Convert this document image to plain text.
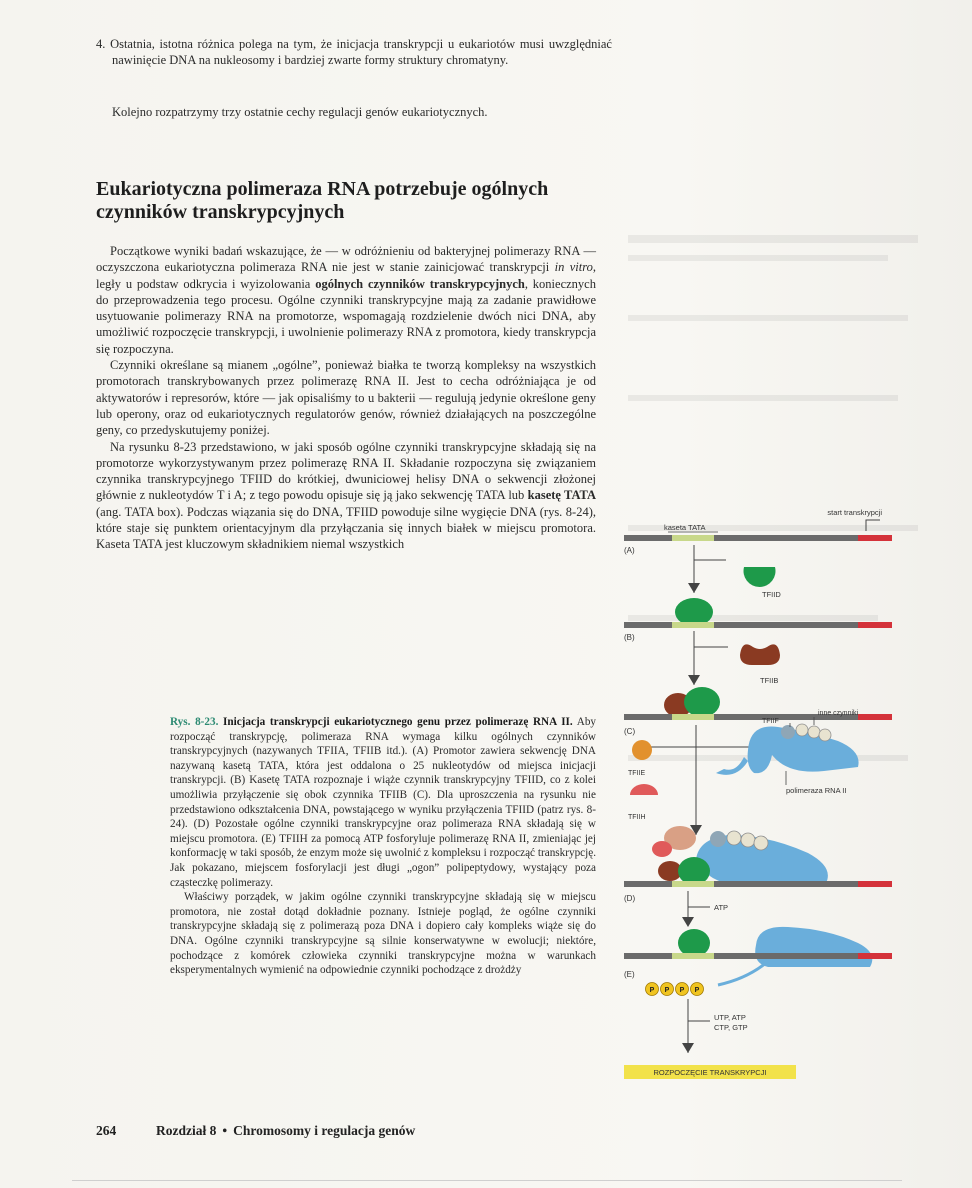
4. Ostatnia, istotna różnica polega na tym, że inicjacja transkrypcji u eukariotów musi uwzględniać nawinięcie DNA na nukleosomy i bardziej zwarte formy struktury chromatyny.
Kolejno rozpatrzymy trzy ostatnie cechy regulacji genów eukariotycznych.
Eukariotyczna polimeraza RNA potrzebuje ogólnych czynników transkrypcyjnych

Początkowe wyniki badań wskazujące, że — w odróżnieniu od bakteryjnej polimerazy RNA — oczyszczona eukariotyczna polimeraza RNA nie jest w stanie zainicjować transkrypcji in vitro, legły u podstaw odkrycia i wyizolowania ogólnych czynników transkrypcyjnych, koniecznych do przeprowadzenia tego procesu. Ogólne czynniki transkrypcyjne mają za zadanie prawidłowe usytuowanie polimerazy RNA na promotorze, wspomagają rozdzielenie dwóch nici DNA, aby umożliwić rozpoczęcie transkrypcji, i uwolnienie polimerazy RNA z promotora, kiedy transkrypcja się rozpoczyna.

Czynniki określane są mianem „ogólne”, ponieważ białka te tworzą kompleksy na wszystkich promotorach transkrybowanych przez polimerazę RNA II. Jest to cecha odróżniająca je od aktywatorów i represorów, które — jak opisaliśmy to u bakterii — regulują jedynie określone geny lub operony, oraz od eukariotycznych regulatorów genów, również działających na poszczególne geny, co przedyskutujemy poniżej.

Na rysunku 8-23 przedstawiono, w jaki sposób ogólne czynniki transkrypcyjne składają się na promotorze wykorzystywanym przez polimerazę RNA II. Składanie rozpoczyna się związaniem czynnika transkrypcyjnego TFIID do krótkiej, dwuniciowej helisy DNA o sekwencji złożonej głównie z nukleotydów T i A; z tego powodu opisuje się ją jako sekwencję TATA lub kasetę TATA (ang. TATA box). Podczas wiązania się do DNA, TFIID powoduje silne wygięcie DNA (rys. 8-24), które staje się punktem orientacyjnym dla przyłączania się innych białek w miejscu promotora. Kaseta TATA jest kluczowym składnikiem niemal wszystkich

Rys. 8-23. Inicjacja transkrypcji eukariotycznego genu przez polimerazę RNA II. Aby rozpocząć transkrypcję, polimeraza RNA wymaga kilku ogólnych czynników transkrypcyjnych (nazywanych TFIIA, TFIIB itd.). (A) Promotor zawiera sekwencję DNA nazywaną kasetą TATA, która jest oddalona o 25 nukleotydów od miejsca inicjacji transkrypcji. (B) Kasetę TATA rozpoznaje i wiąże czynnik transkrypcyjny TFIID, co z kolei umożliwia przyłączenie się obok czynnika TFIIB (C). Dla uproszczenia na rysunku nie przedstawiono odkształcenia DNA, powstającego w wyniku przyłączenia TFIID (patrz rys. 8-24). (D) Pozostałe ogólne czynniki transkrypcyjne oraz polimeraza RNA składają się w miejscu promotora. (E) TFIIH za pomocą ATP fosforyluje polimerazę RNA II, zmieniając jej konformację w taki sposób, że enzym może się uwolnić z kompleksu i rozpocząć transkrypcję. Jak pokazano, miejscem fosforylacji jest długi „ogon” polipeptydowy, wystający poza cząsteczkę polimerazy.

Właściwy porządek, w jakim ogólne czynniki transkrypcyjne składają się w miejscu promotora, nie został dotąd dokładnie poznany. Istnieje pogląd, że ogólne czynniki transkrypcyjne składają się z polimerazą poza DNA i dopiero cały kompleks wiąże się do DNA. Ogólne czynniki transkrypcyjne są silnie konserwatywne w ewolucji; niektóre, pochodzące z komórek człowieka czynniki transkrypcyjne można w warunkach eksperymentalnych wymienić na odpowiednie czynniki pochodzące z drożdży

start transkrypcji
kaseta TATA
(A)
TFIID
(B)
TFIIB
(C)
TFIIE
TFIIH
TFIIF
inne czynniki
polimeraza RNA II
(D)
ATP
P P P P
(E)
UTP, ATP
CTP, GTP
ROZPOCZĘCIE TRANSKRYPCJI
264	Rozdział 8 • Chromosomy i regulacja genów
